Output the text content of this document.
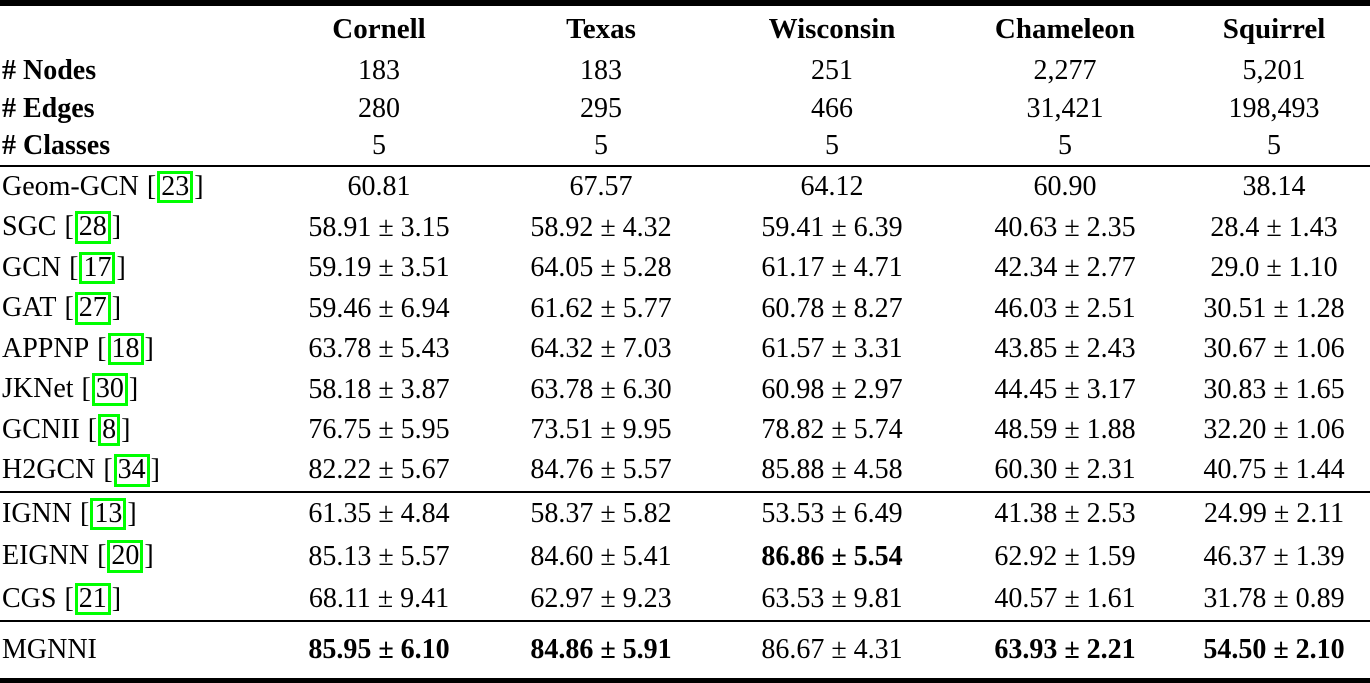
	Cornell	Texas	Wisconsin	Chameleon	Squirrel
# Nodes	183	183	251	2,277	5,201
# Edges	280	295	466	31,421	198,493
# Classes	5	5	5	5	5
Geom-GCN [ 23 ]	60.81	67.57	64.12	60.90	38.14
SGC [ 28 ]	58.91 ± 3.15	58.92 ± 4.32	59.41 ± 6.39	40.63 ± 2.35	28.4 ± 1.43
GCN [ 17 ]	59.19 ± 3.51	64.05 ± 5.28	61.17 ± 4.71	42.34 ± 2.77	29.0 ± 1.10
GAT [ 27 ]	59.46 ± 6.94	61.62 ± 5.77	60.78 ± 8.27	46.03 ± 2.51	30.51 ± 1.28
APPNP [ 18 ]	63.78 ± 5.43	64.32 ± 7.03	61.57 ± 3.31	43.85 ± 2.43	30.67 ± 1.06
JKNet [ 30 ]	58.18 ± 3.87	63.78 ± 6.30	60.98 ± 2.97	44.45 ± 3.17	30.83 ± 1.65
GCNII [ 8 ]	76.75 ± 5.95	73.51 ± 9.95	78.82 ± 5.74	48.59 ± 1.88	32.20 ± 1.06
H2GCN [ 34 ]	82.22 ± 5.67	84.76 ± 5.57	85.88 ± 4.58	60.30 ± 2.31	40.75 ± 1.44
IGNN [ 13 ]	61.35 ± 4.84	58.37 ± 5.82	53.53 ± 6.49	41.38 ± 2.53	24.99 ± 2.11
EIGNN [ 20 ]	85.13 ± 5.57	84.60 ± 5.41	86.86 ± 5.54	62.92 ± 1.59	46.37 ± 1.39
CGS [ 21 ]	68.11 ± 9.41	62.97 ± 9.23	63.53 ± 9.81	40.57 ± 1.61	31.78 ± 0.89
MGNNI	85.95 ± 6.10	84.86 ± 5.91	86.67 ± 4.31	63.93 ± 2.21	54.50 ± 2.10
